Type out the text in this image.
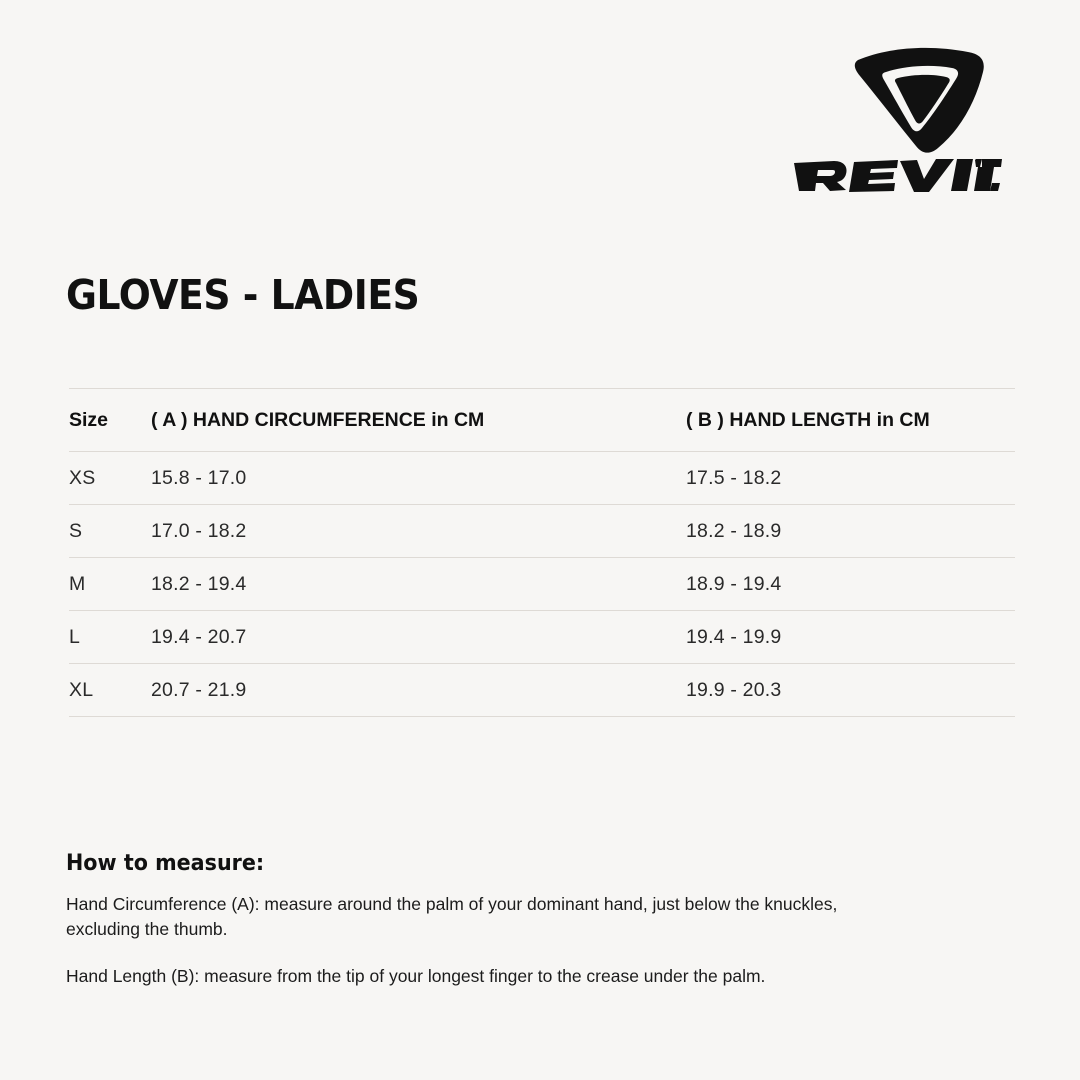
GLOVES - LADIES
Size	( A ) HAND CIRCUMFERENCE in CM	( B ) HAND LENGTH in CM
XS	15.8 - 17.0	17.5 - 18.2
S	17.0 - 18.2	18.2 - 18.9
M	18.2 - 19.4	18.9 - 19.4
L	19.4 - 20.7	19.4 - 19.9
XL	20.7 - 21.9	19.9 - 20.3
How to measure:

Hand Circumference (A): measure around the palm of your dominant hand, just below the knuckles, excluding the thumb.

Hand Length (B): measure from the tip of your longest finger to the crease under the palm.
